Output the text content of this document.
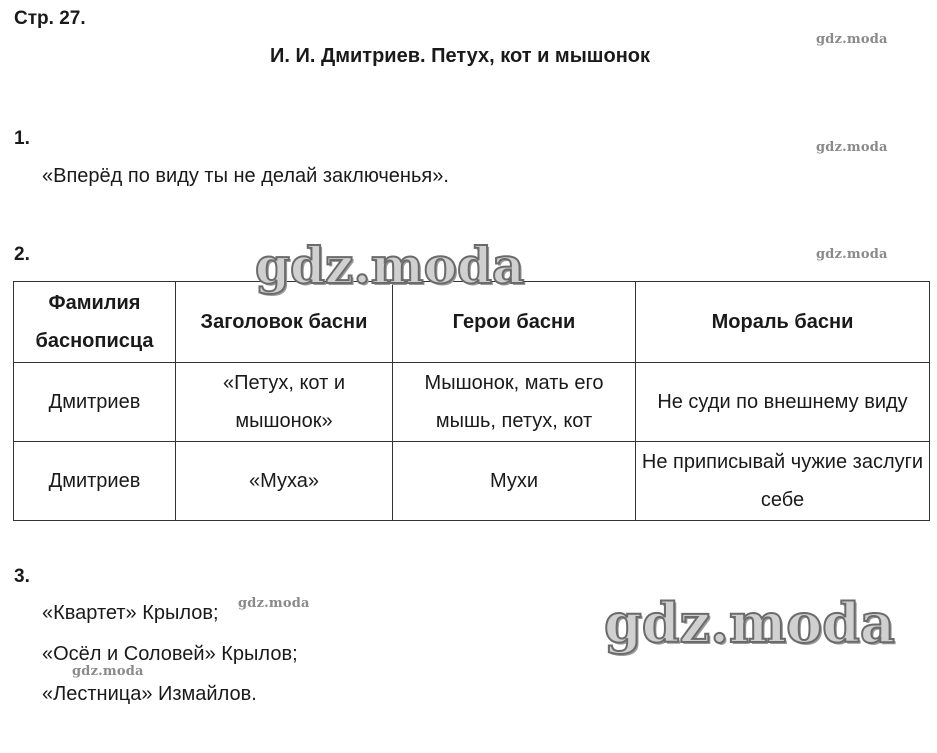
Стр. 27.
И. И. Дмитриев. Петух, кот и мышонок
gdz.moda
gdz.moda
gdz.moda
gdz.moda
gdz.moda
1.
«Вперёд по виду ты не делай заключенья».
2.
Фамилия баснописца	Заголовок басни	Герои басни	Мораль басни
Дмитриев	«Петух, кот и мышонок»	Мышонок, мать его мышь, петух, кот	Не суди по внешнему виду
Дмитриев	«Муха»	Мухи	Не приписывай чужие заслуги себе
gdz.moda
gdz.moda
3.
«Квартет» Крылов;
«Осёл и Соловей» Крылов;
«Лестница» Измайлов.
